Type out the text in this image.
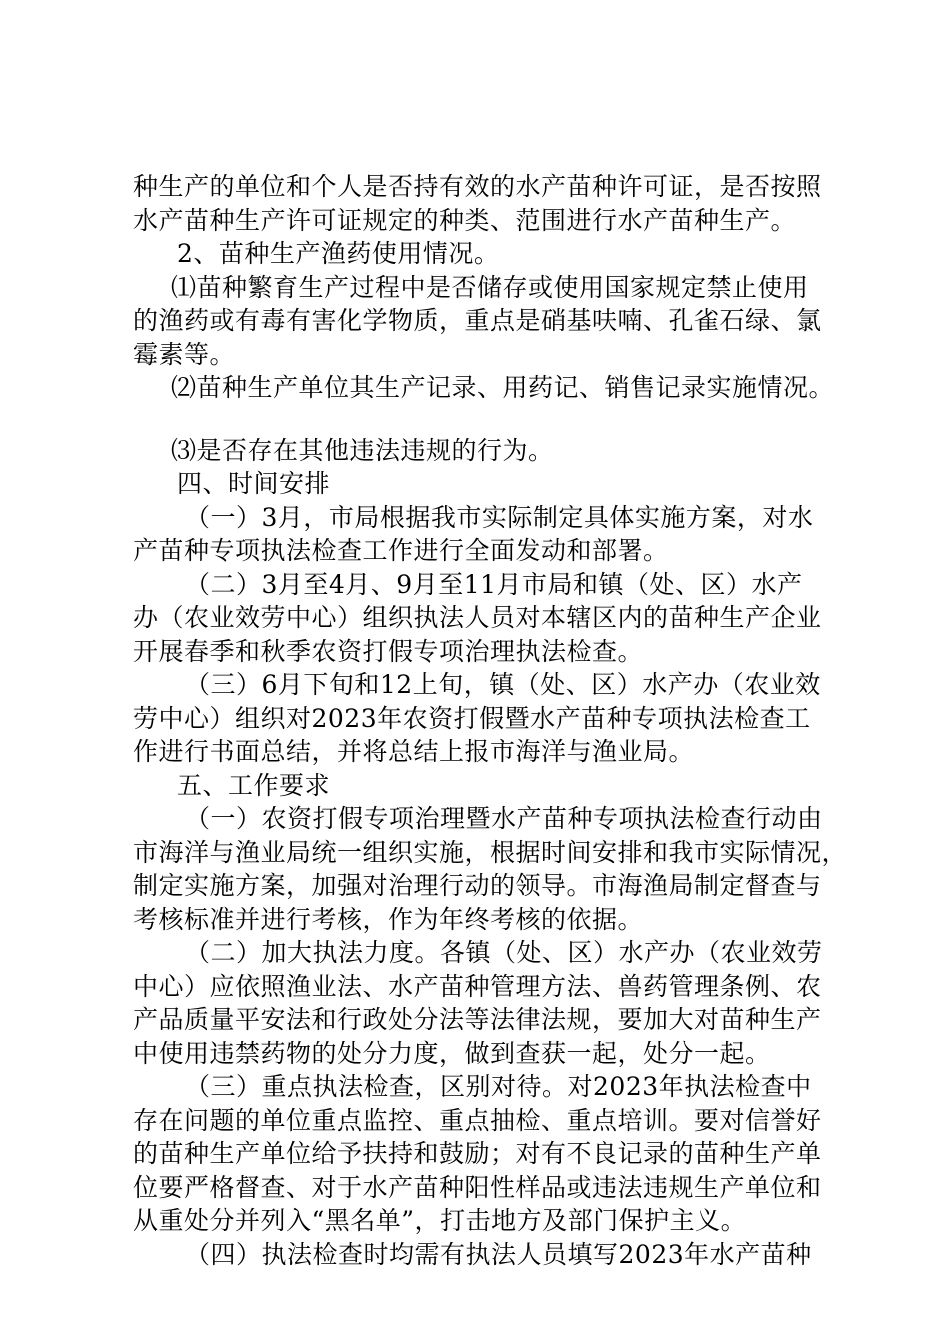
种生产的单位和个人是否持有效的水产苗种许可证，是否按照
水产苗种生产许可证规定的种类、范围进行水产苗种生产。
2、苗种生产渔药使用情况。
⑴苗种繁育生产过程中是否储存或使用国家规定禁止使用
的渔药或有毒有害化学物质，重点是硝基呋喃、孔雀石绿、氯
霉素等。
⑵苗种生产单位其生产记录、用药记、销售记录实施情况。
⑶是否存在其他违法违规的行为。
四、时间安排
（一）3月，市局根据我市实际制定具体实施方案，对水
产苗种专项执法检查工作进行全面发动和部署。
（二）3月至4月、9月至11月市局和镇（处、区）水产
办（农业效劳中心）组织执法人员对本辖区内的苗种生产企业
开展春季和秋季农资打假专项治理执法检查。
（三）6月下旬和12上旬，镇（处、区）水产办（农业效
劳中心）组织对2023年农资打假暨水产苗种专项执法检查工
作进行书面总结，并将总结上报市海洋与渔业局。
五、工作要求
（一）农资打假专项治理暨水产苗种专项执法检查行动由
市海洋与渔业局统一组织实施，根据时间安排和我市实际情况，
制定实施方案，加强对治理行动的领导。市海渔局制定督查与
考核标准并进行考核，作为年终考核的依据。
（二）加大执法力度。各镇（处、区）水产办（农业效劳
中心）应依照渔业法、水产苗种管理方法、兽药管理条例、农
产品质量平安法和行政处分法等法律法规，要加大对苗种生产
中使用违禁药物的处分力度，做到查获一起，处分一起。
（三）重点执法检查，区别对待。对2023年执法检查中
存在问题的单位重点监控、重点抽检、重点培训。要对信誉好
的苗种生产单位给予扶持和鼓励；对有不良记录的苗种生产单
位要严格督查、对于水产苗种阳性样品或违法违规生产单位和
从重处分并列入“黑名单”，打击地方及部门保护主义。
（四）执法检查时均需有执法人员填写2023年水产苗种
